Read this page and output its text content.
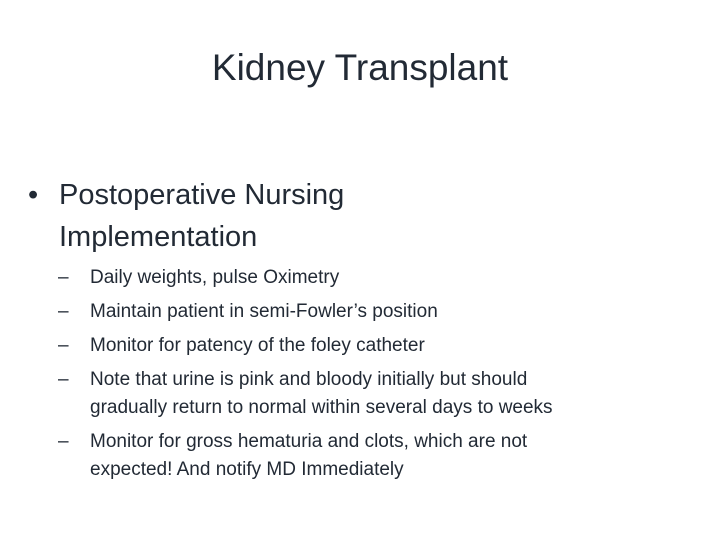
Kidney Transplant
• Postoperative Nursing Implementation
–	Daily weights, pulse Oximetry
–	Maintain patient in semi-Fowler’s position
–	Monitor for patency of the foley catheter
–	Note that urine is pink and bloody initially but should gradually return to normal within several days to weeks
–	Monitor for gross hematuria and clots, which are not expected! And notify MD Immediately
